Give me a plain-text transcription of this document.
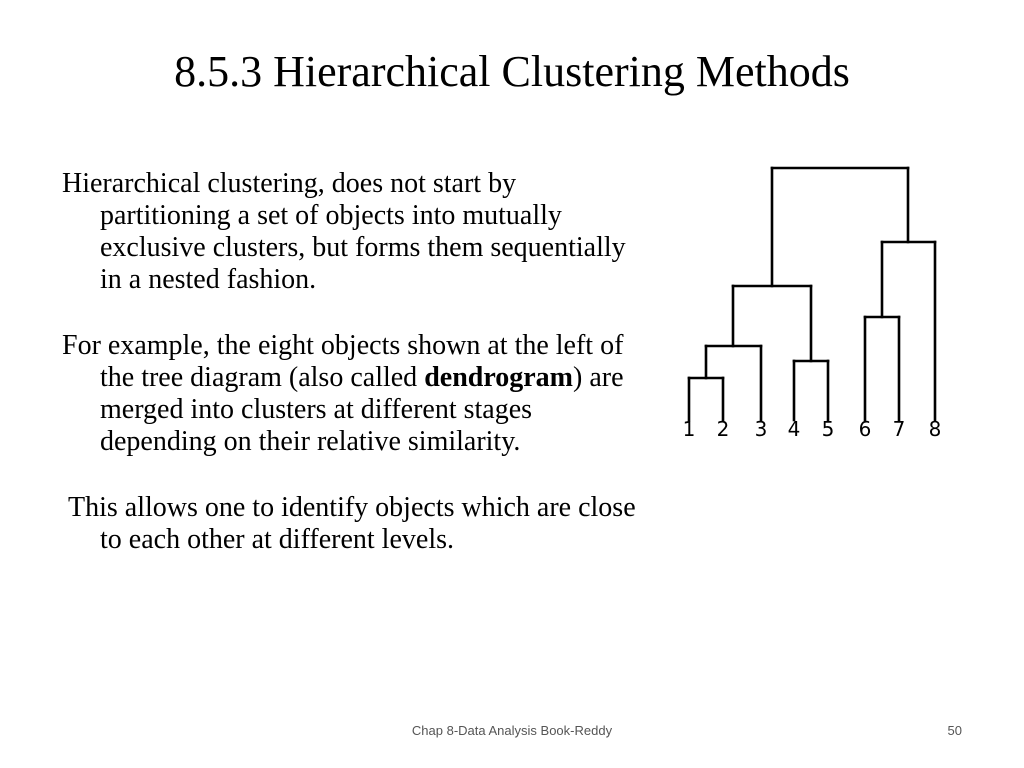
8.5.3 Hierarchical Clustering Methods

Hierarchical clustering, does not start by partitioning a set of objects into mutually exclusive clusters, but forms them sequentially in a nested fashion.

For example, the eight objects shown at the left of the tree diagram (also called dendrogram) are merged into clusters at different stages depending on their relative similarity.

This allows one to identify objects which are close to each other at different levels.

1 2 3 4 5 6 7 8
Chap 8-Data Analysis Book-Reddy	50
